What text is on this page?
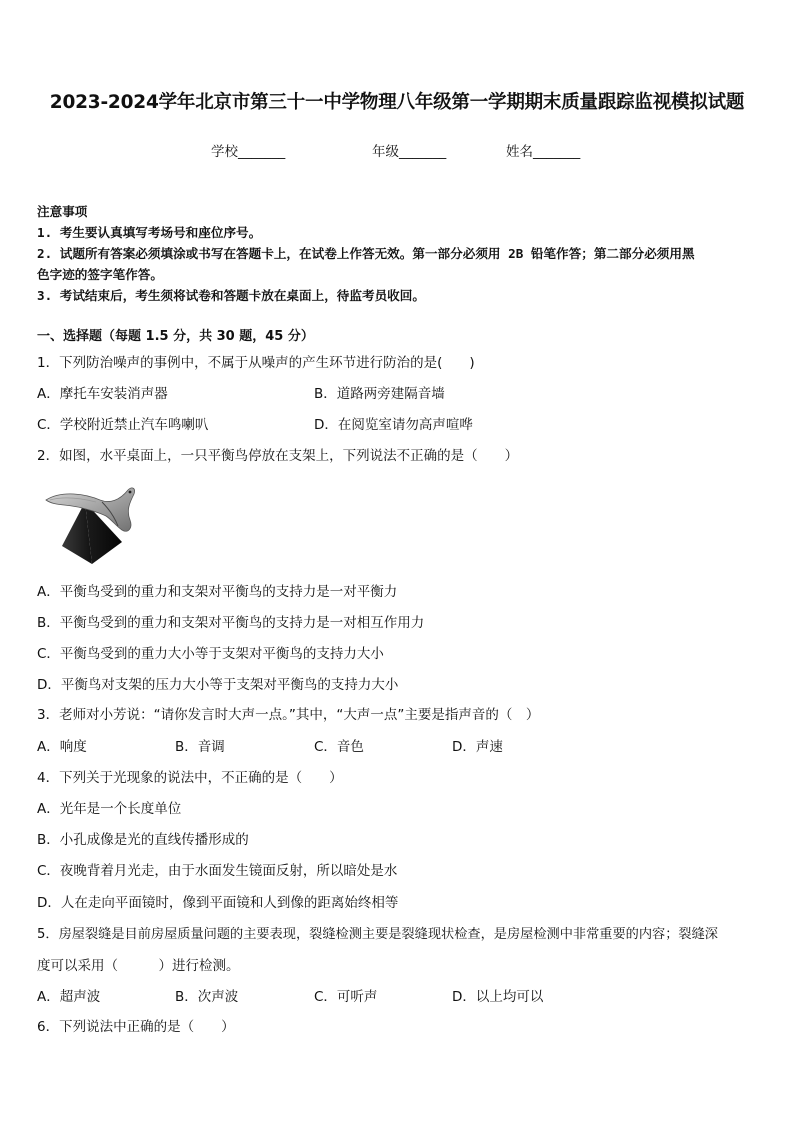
2023-2024学年北京市第三十一中学物理八年级第一学期期末质量跟踪监视模拟试题
学校_______	年级_______	姓名_______
注意事项
1. 考生要认真填写考场号和座位序号。
2. 试题所有答案必须填涂或书写在答题卡上，在试卷上作答无效。第一部分必须用 2B 铅笔作答；第二部分必须用黑
色字迹的签字笔作答。
3. 考试结束后，考生须将试卷和答题卡放在桌面上，待监考员收回。
一、选择题（每题 1.5 分，共 30 题，45 分）
1．下列防治噪声的事例中，不属于从噪声的产生环节进行防治的是(　　)
A．摩托车安装消声器	B．道路两旁建隔音墙
C．学校附近禁止汽车鸣喇叭	D．在阅览室请勿高声喧哗
2．如图，水平桌面上，一只平衡鸟停放在支架上，下列说法不正确的是（　　）
A．平衡鸟受到的重力和支架对平衡鸟的支持力是一对平衡力
B．平衡鸟受到的重力和支架对平衡鸟的支持力是一对相互作用力
C．平衡鸟受到的重力大小等于支架对平衡鸟的支持力大小
D．平衡鸟对支架的压力大小等于支架对平衡鸟的支持力大小
3．老师对小芳说：“请你发言时大声一点。”其中，“大声一点”主要是指声音的（　）
A．响度	B．音调	C．音色	D．声速
4．下列关于光现象的说法中，不正确的是（　　）
A．光年是一个长度单位
B．小孔成像是光的直线传播形成的
C．夜晚背着月光走，由于水面发生镜面反射，所以暗处是水
D．人在走向平面镜时，像到平面镜和人到像的距离始终相等
5．房屋裂缝是目前房屋质量问题的主要表现，裂缝检测主要是裂缝现状检查，是房屋检测中非常重要的内容；裂缝深
度可以采用（　　　）进行检测。
A．超声波	B．次声波	C．可听声	D．以上均可以
6．下列说法中正确的是（　　）
